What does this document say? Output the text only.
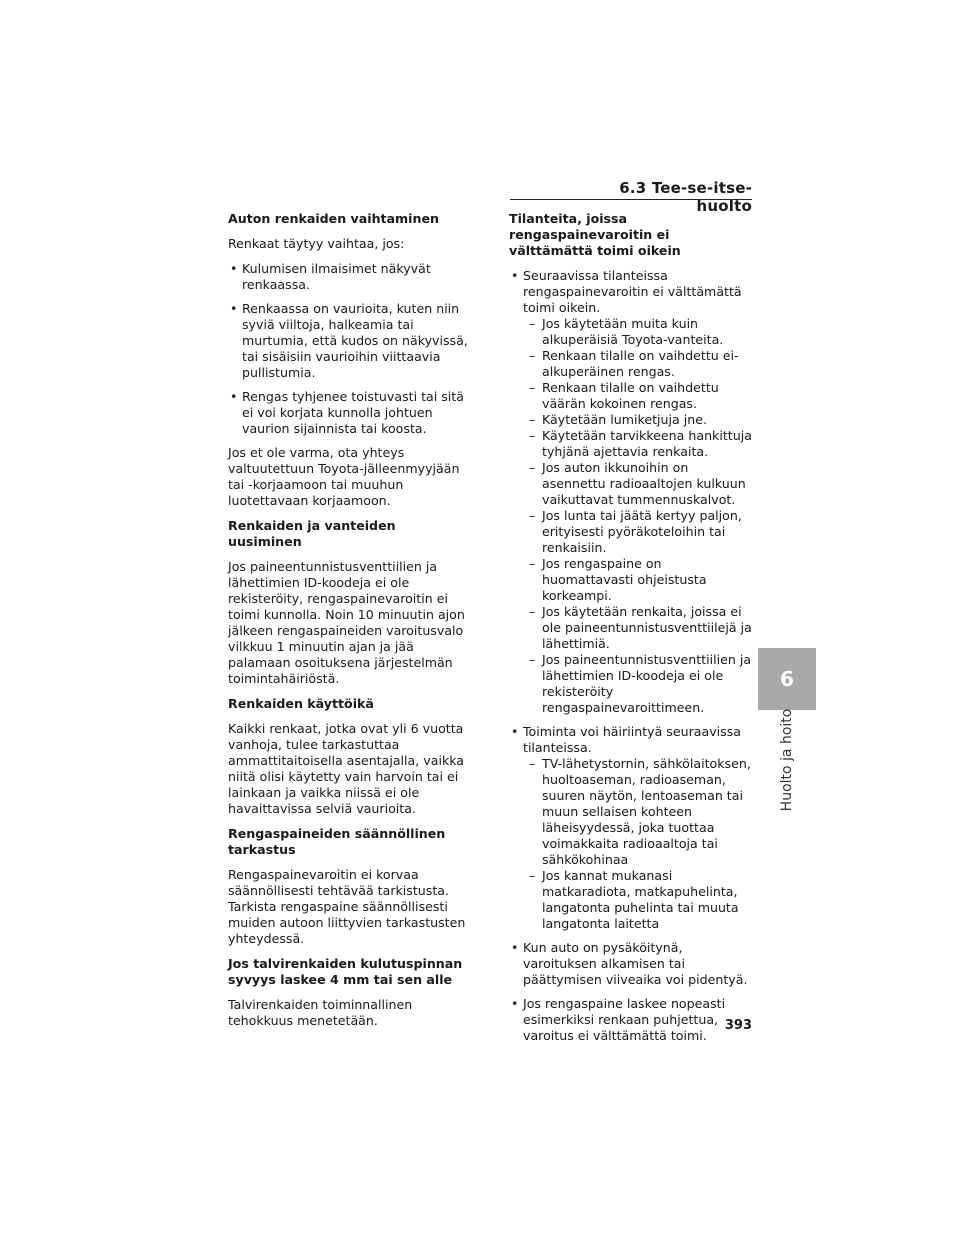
6.3 Tee-se-itse-huolto
Auton renkaiden vaihtaminen
Renkaat täytyy vaihtaa, jos:
• Kulumisen ilmaisimet näkyvät renkaassa.
• Renkaassa on vaurioita, kuten niin syviä viiltoja, halkeamia tai murtumia, että kudos on näkyvissä, tai sisäisiin vaurioihin viittaavia pullistumia.
• Rengas tyhjenee toistuvasti tai sitä ei voi korjata kunnolla johtuen vaurion sijainnista tai koosta.
Jos et ole varma, ota yhteys valtuutettuun Toyota-jälleenmyyjään tai -korjaamoon tai muuhun luotettavaan korjaamoon.
Renkaiden ja vanteiden uusiminen
Jos paineentunnistusventtiilien ja lähettimien ID-koodeja ei ole rekisteröity, rengaspainevaroitin ei toimi kunnolla. Noin 10 minuutin ajon jälkeen rengaspaineiden varoitusvalo vilkkuu 1 minuutin ajan ja jää palamaan osoituksena järjestelmän toimintahäiriöstä.
Renkaiden käyttöikä
Kaikki renkaat, jotka ovat yli 6 vuotta vanhoja, tulee tarkastuttaa ammattitaitoisella asentajalla, vaikka niitä olisi käytetty vain harvoin tai ei lainkaan ja vaikka niissä ei ole havaittavissa selviä vaurioita.
Rengaspaineiden säännöllinen tarkastus
Rengaspainevaroitin ei korvaa säännöllisesti tehtävää tarkistusta. Tarkista rengaspaine säännöllisesti muiden autoon liittyvien tarkastusten yhteydessä.
Jos talvirenkaiden kulutuspinnan syvyys laskee 4 mm tai sen alle
Talvirenkaiden toiminnallinen tehokkuus menetetään.
Tilanteita, joissa rengaspainevaroitin ei välttämättä toimi oikein
• Seuraavissa tilanteissa rengaspainevaroitin ei välttämättä toimi oikein.
– Jos käytetään muita kuin alkuperäisiä Toyota-vanteita.
– Renkaan tilalle on vaihdettu ei-alkuperäinen rengas.
– Renkaan tilalle on vaihdettu väärän kokoinen rengas.
– Käytetään lumiketjuja jne.
– Käytetään tarvikkeena hankittuja tyhjänä ajettavia renkaita.
– Jos auton ikkunoihin on asennettu radioaaltojen kulkuun vaikuttavat tummennuskalvot.
– Jos lunta tai jäätä kertyy paljon, erityisesti pyöräkoteloihin tai renkaisiin.
– Jos rengaspaine on huomattavasti ohjeistusta korkeampi.
– Jos käytetään renkaita, joissa ei ole paineentunnistusventtiilejä ja lähettimiä.
– Jos paineentunnistusventtiilien ja lähettimien ID-koodeja ei ole rekisteröity rengaspainevaroittimeen.
• Toiminta voi häiriintyä seuraavissa tilanteissa.
– TV-lähetystornin, sähkölaitoksen, huoltoaseman, radioaseman, suuren näytön, lentoaseman tai muun sellaisen kohteen läheisyydessä, joka tuottaa voimakkaita radioaaltoja tai sähkökohinaa
– Jos kannat mukanasi matkaradiota, matkapuhelinta, langatonta puhelinta tai muuta langatonta laitetta
• Kun auto on pysäköitynä, varoituksen alkamisen tai päättymisen viiveaika voi pidentyä.
• Jos rengaspaine laskee nopeasti esimerkiksi renkaan puhjettua, varoitus ei välttämättä toimi.
6
Huolto ja hoito
393
